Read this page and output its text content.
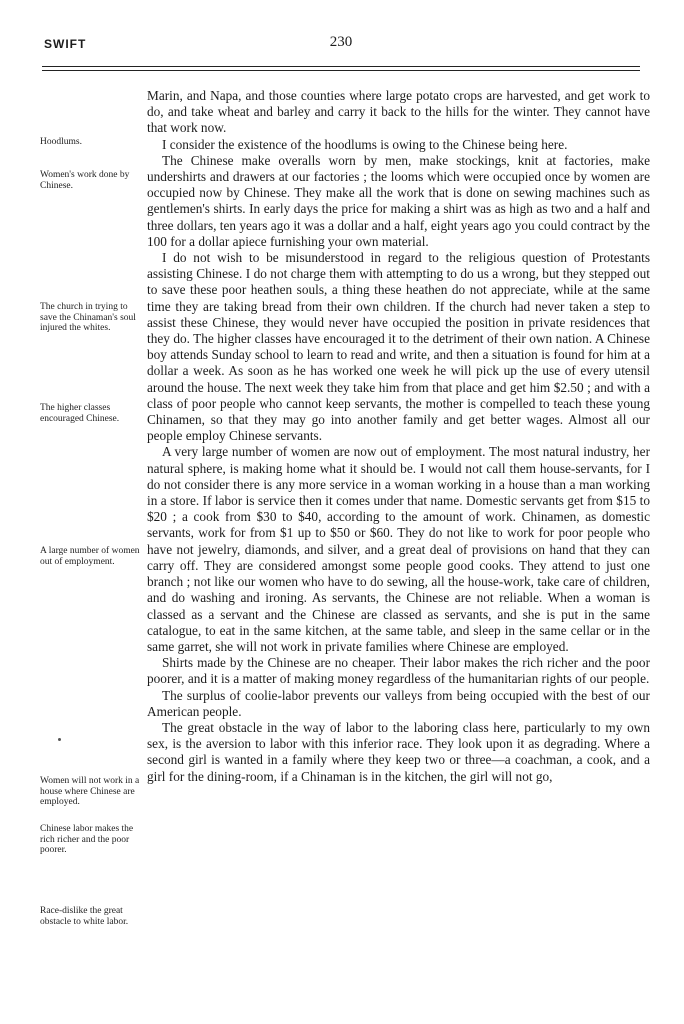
SWIFT	230
Hoodlums.
Women's work done by Chinese.
The church in trying to save the Chinaman's soul injured the whites.
The higher classes encouraged Chinese.
A large number of women out of employment.
Women will not work in a house where Chinese are employed.
Chinese labor makes the rich richer and the poor poorer.
Race-dislike the great obstacle to white labor.

Marin, and Napa, and those counties where large potato crops are harvested, and get work to do, and take wheat and barley and carry it back to the hills for the winter. They cannot have that work now.

I consider the existence of the hoodlums is owing to the Chinese being here.

The Chinese make overalls worn by men, make stockings, knit at factories, make undershirts and drawers at our factories ; the looms which were occupied once by women are occupied now by Chinese. They make all the work that is done on sewing machines such as gentlemen's shirts. In early days the price for making a shirt was as high as two and a half and three dollars, ten years ago it was a dollar and a half, eight years ago you could contract by the 100 for a dollar apiece furnishing your own material.

I do not wish to be misunderstood in regard to the religious question of Protestants assisting Chinese. I do not charge them with attempting to do us a wrong, but they stepped out to save these poor heathen souls, a thing these heathen do not appreciate, while at the same time they are taking bread from their own children. If the church had never taken a step to assist these Chinese, they would never have occupied the position in private residences that they do. The higher classes have encouraged it to the detriment of their own nation. A Chinese boy attends Sunday school to learn to read and write, and then a situation is found for him at a dollar a week. As soon as he has worked one week he will pick up the use of every utensil around the house. The next week they take him from that place and get him $2.50 ; and with a class of poor people who cannot keep servants, the mother is compelled to teach these young Chinamen, so that they may go into another family and get better wages. Almost all our people employ Chinese servants.

A very large number of women are now out of employment. The most natural industry, her natural sphere, is making home what it should be. I would not call them house-servants, for I do not consider there is any more service in a woman working in a house than a man working in a store. If labor is service then it comes under that name. Domestic servants get from $15 to $20 ; a cook from $30 to $40, according to the amount of work. Chinamen, as domestic servants, work for from $1 up to $50 or $60. They do not like to work for poor people who have not jewelry, diamonds, and silver, and a great deal of provisions on hand that they can carry off. They are considered amongst some people good cooks. They attend to just one branch ; not like our women who have to do sewing, all the house-work, take care of children, and do washing and ironing. As servants, the Chinese are not reliable. When a woman is classed as a servant and the Chinese are classed as servants, and she is put in the same catalogue, to eat in the same kitchen, at the same table, and sleep in the same cellar or in the same garret, she will not work in private families where Chinese are employed.

Shirts made by the Chinese are no cheaper. Their labor makes the rich richer and the poor poorer, and it is a matter of making money regardless of the humanitarian rights of our people.

The surplus of coolie-labor prevents our valleys from being occupied with the best of our American people.

The great obstacle in the way of labor to the laboring class here, particularly to my own sex, is the aversion to labor with this inferior race. They look upon it as degrading. Where a second girl is wanted in a family where they keep two or three—a coachman, a cook, and a girl for the dining-room, if a Chinaman is in the kitchen, the girl will not go,
